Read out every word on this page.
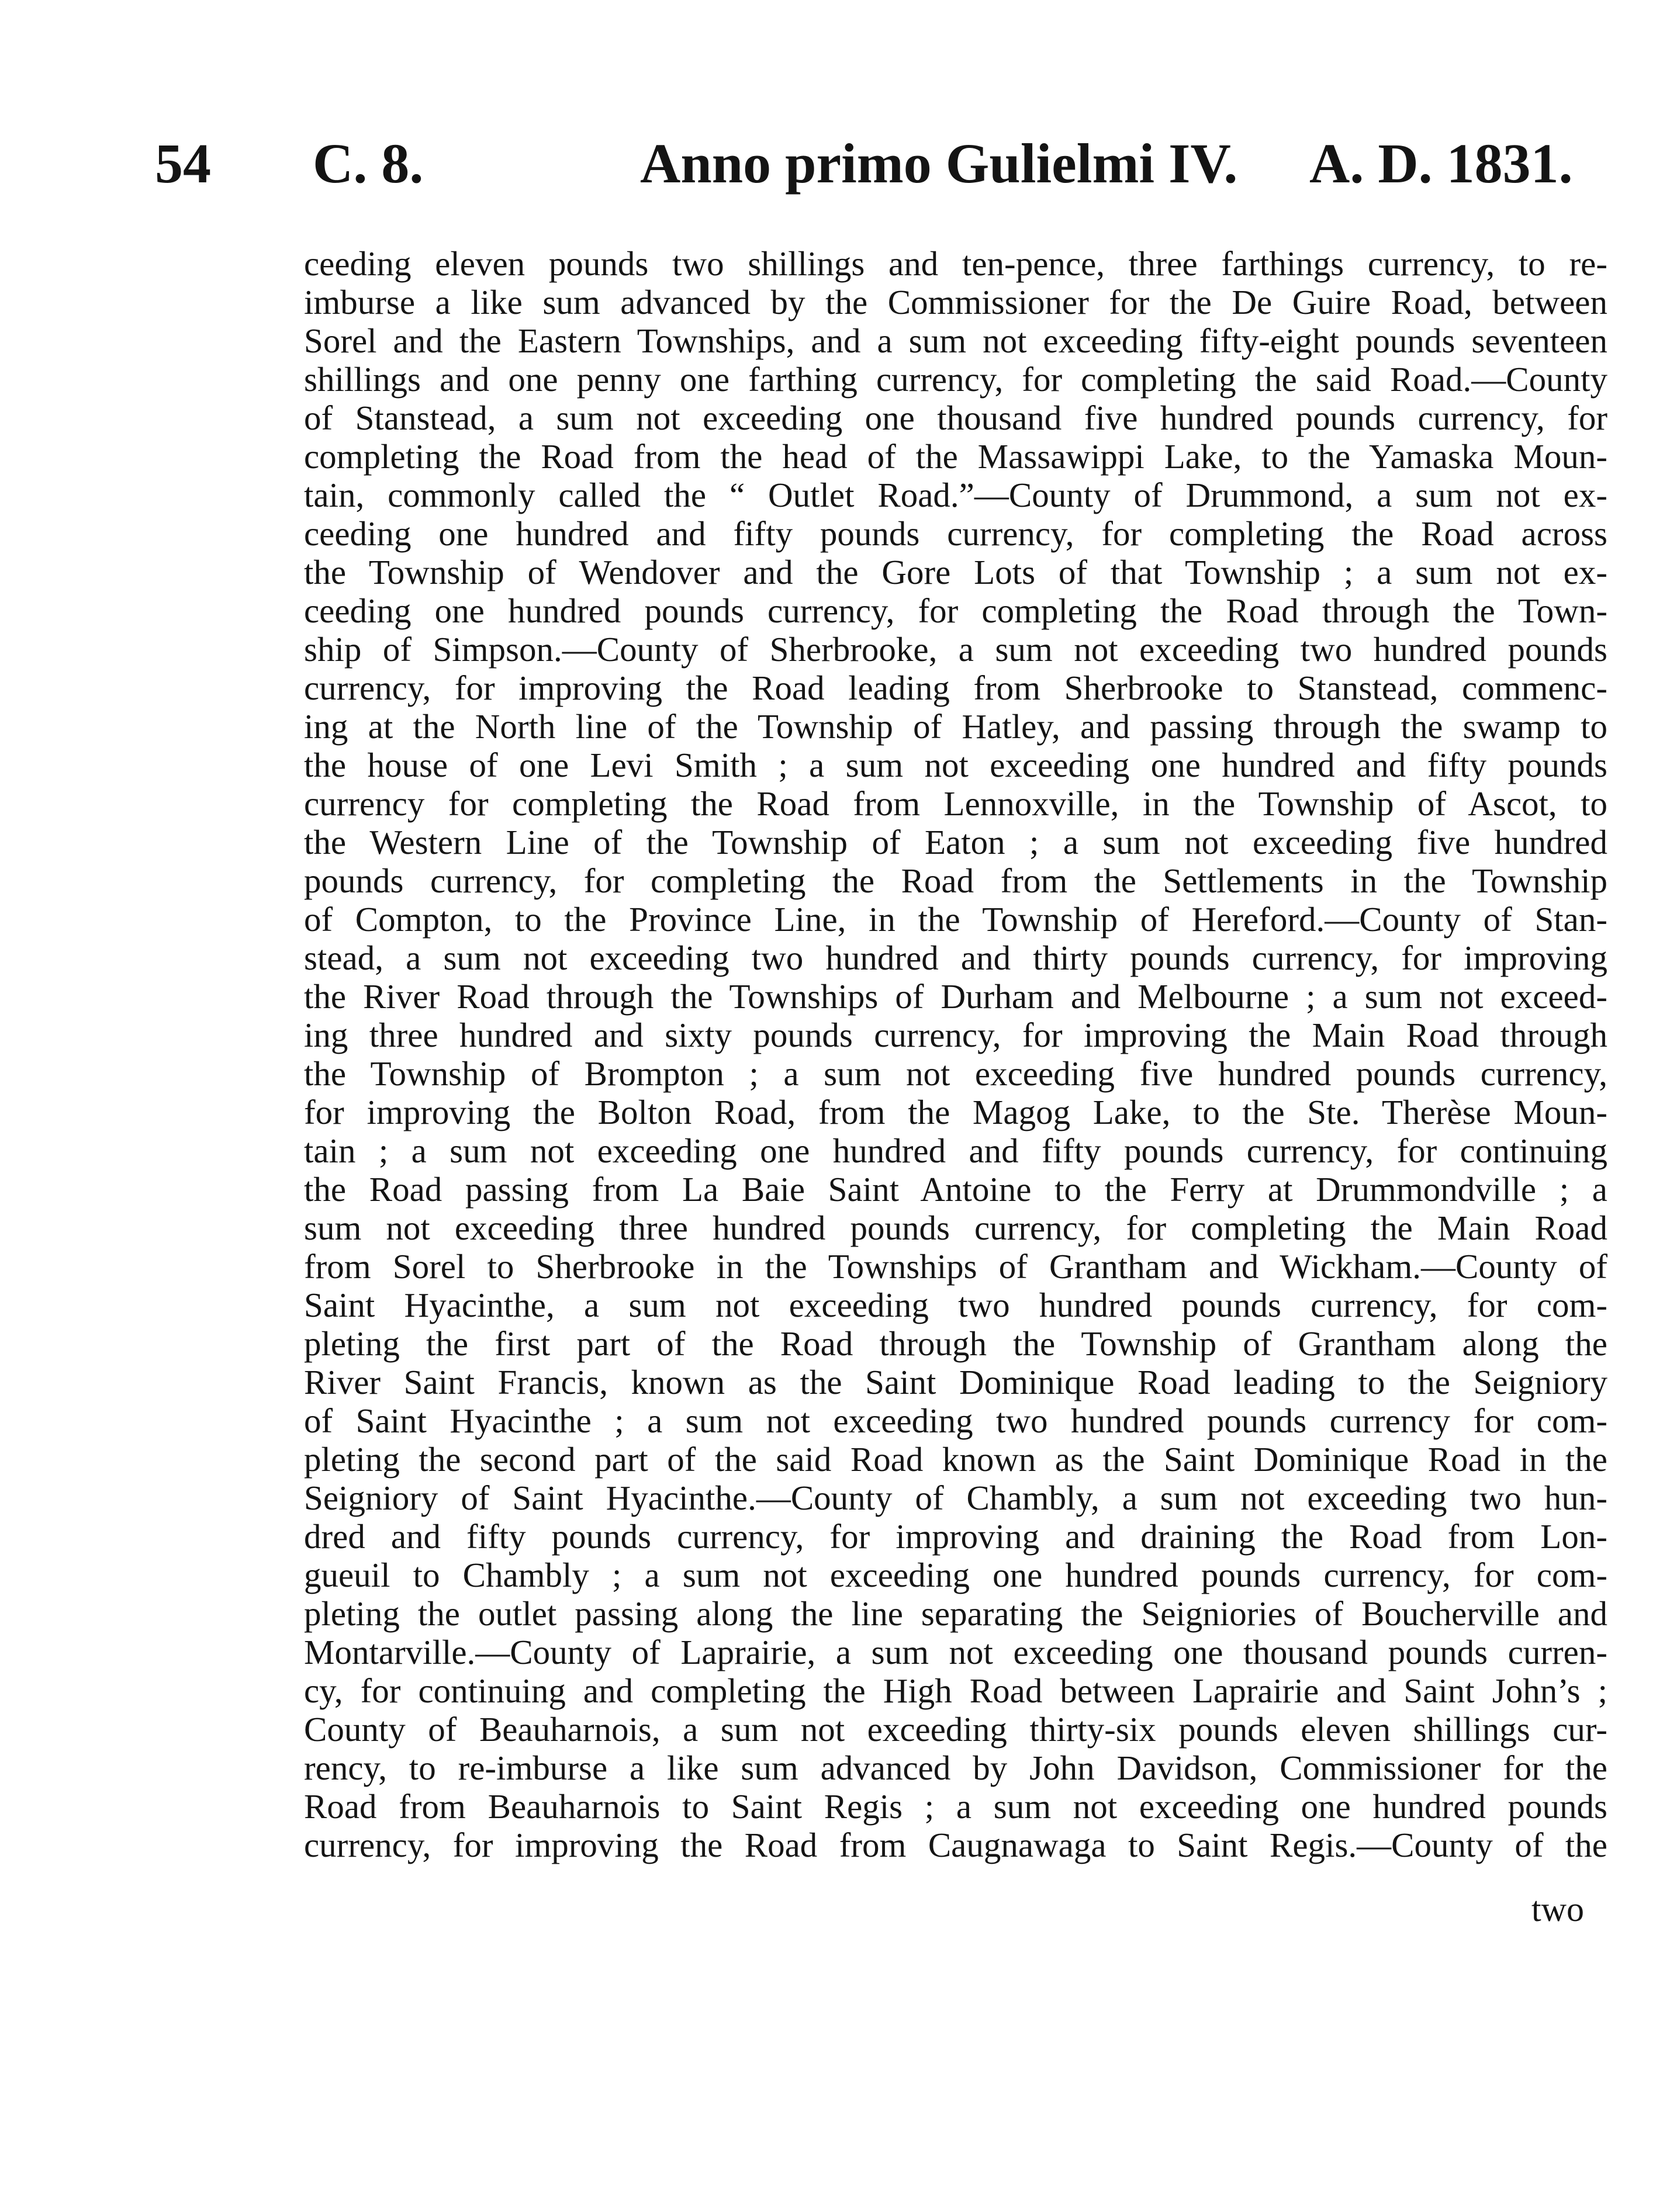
54 C. 8.	Anno primo Gulielmi IV. A. D. 1831.
ceeding eleven pounds two shillings and ten-pence, three farthings currency, to re-
imburse a like sum advanced by the Commissioner for the De Guire Road, between
Sorel and the Eastern Townships, and a sum not exceeding fifty-eight pounds seventeen
shillings and one penny one farthing currency, for completing the said Road.—County
of Stanstead, a sum not exceeding one thousand five hundred pounds currency, for
completing the Road from the head of the Massawippi Lake, to the Yamaska Moun-
tain, commonly called the “ Outlet Road.”—County of Drummond, a sum not ex-
ceeding one hundred and fifty pounds currency, for completing the Road across
the Township of Wendover and the Gore Lots of that Township ; a sum not ex-
ceeding one hundred pounds currency, for completing the Road through the Town-
ship of Simpson.—County of Sherbrooke, a sum not exceeding two hundred pounds
currency, for improving the Road leading from Sherbrooke to Stanstead, commenc-
ing at the North line of the Township of Hatley, and passing through the swamp to
the house of one Levi Smith ; a sum not exceeding one hundred and fifty pounds
currency for completing the Road from Lennoxville, in the Township of Ascot, to
the Western Line of the Township of Eaton ; a sum not exceeding five hundred
pounds currency, for completing the Road from the Settlements in the Township
of Compton, to the Province Line, in the Township of Hereford.—County of Stan-
stead, a sum not exceeding two hundred and thirty pounds currency, for improving
the River Road through the Townships of Durham and Melbourne ; a sum not exceed-
ing three hundred and sixty pounds currency, for improving the Main Road through
the Township of Brompton ; a sum not exceeding five hundred pounds currency,
for improving the Bolton Road, from the Magog Lake, to the Ste. Therèse Moun-
tain ; a sum not exceeding one hundred and fifty pounds currency, for continuing
the Road passing from La Baie Saint Antoine to the Ferry at Drummondville ; a
sum not exceeding three hundred pounds currency, for completing the Main Road
from Sorel to Sherbrooke in the Townships of Grantham and Wickham.—County of
Saint Hyacinthe, a sum not exceeding two hundred pounds currency, for com-
pleting the first part of the Road through the Township of Grantham along the
River Saint Francis, known as the Saint Dominique Road leading to the Seigniory
of Saint Hyacinthe ; a sum not exceeding two hundred pounds currency for com-
pleting the second part of the said Road known as the Saint Dominique Road in the
Seigniory of Saint Hyacinthe.—County of Chambly, a sum not exceeding two hun-
dred and fifty pounds currency, for improving and draining the Road from Lon-
gueuil to Chambly ; a sum not exceeding one hundred pounds currency, for com-
pleting the outlet passing along the line separating the Seigniories of Boucherville and
Montarville.—County of Laprairie, a sum not exceeding one thousand pounds curren-
cy, for continuing and completing the High Road between Laprairie and Saint John’s ;
County of Beauharnois, a sum not exceeding thirty-six pounds eleven shillings cur-
rency, to re-imburse a like sum advanced by John Davidson, Commissioner for the
Road from Beauharnois to Saint Regis ; a sum not exceeding one hundred pounds
currency, for improving the Road from Caugnawaga to Saint Regis.—County of the
two
